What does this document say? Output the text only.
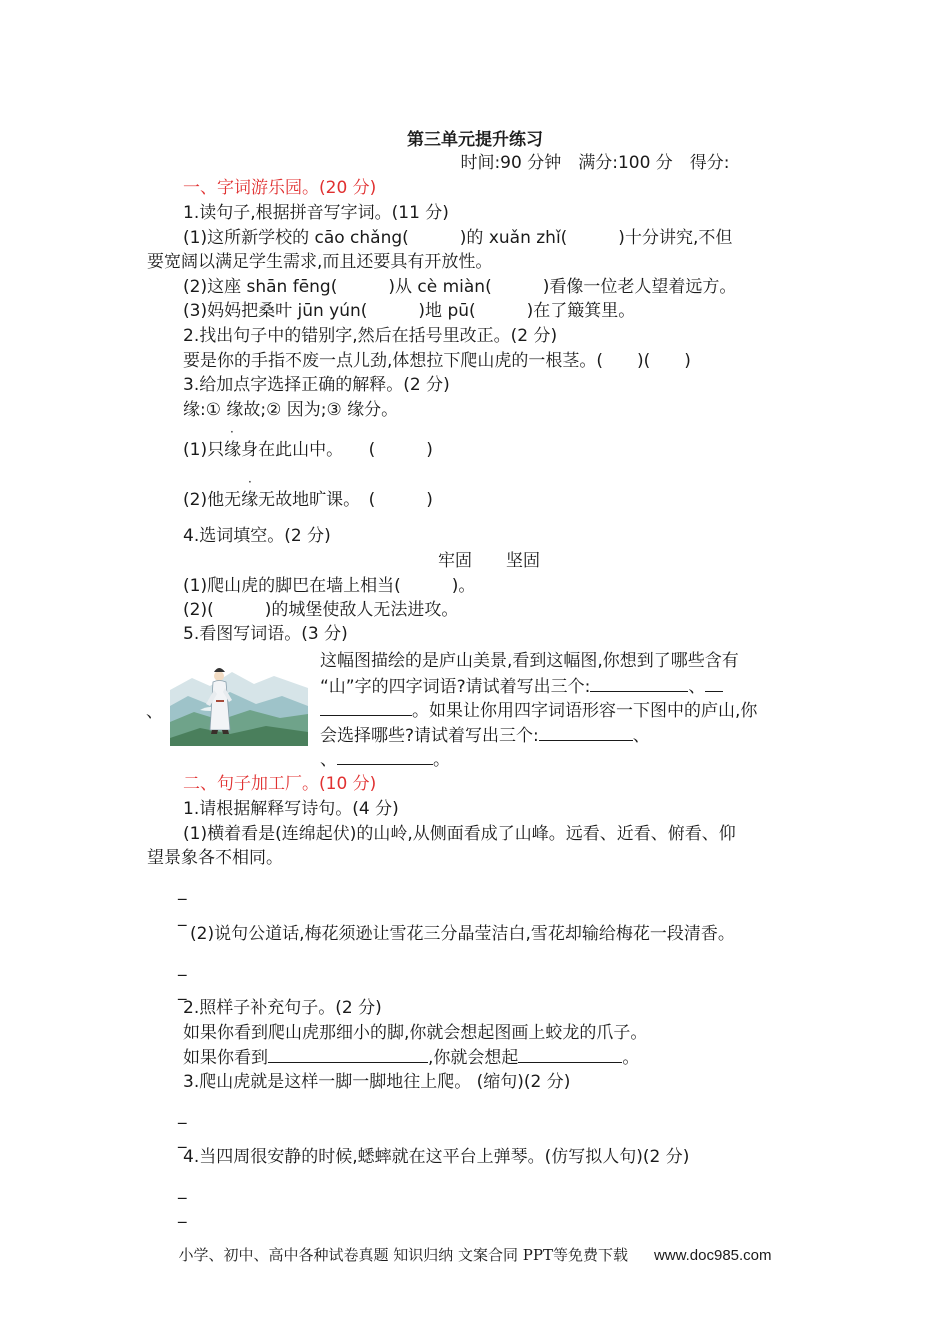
第三单元提升练习
时间:90 分钟　满分:100 分　得分:
一、字词游乐园。(20 分)
1.读句子,根据拼音写字词。(11 分)
(1)这所新学校的 cāo chǎng(　　　)的 xuǎn zhǐ(　　　)十分讲究,不但
要宽阔以满足学生需求,而且还要具有开放性。
(2)这座 shān fēng(　　　)从 cè miàn(　　　)看像一位老人望着远方。
(3)妈妈把桑叶 jūn yún(　　　)地 pū(　　　)在了簸箕里。
2.找出句子中的错别字,然后在括号里改正。(2 分)
要是你的手指不废一点儿劲,体想拉下爬山虎的一根茎。(　　)(　　)
3.给加点字选择正确的解释。(2 分)
缘:① 缘故;② 因为;③ 缘分。
·
(1)只缘身在此山中。　　(　　　)
·
(2)他无缘无故地旷课。　(　　　)
4.选词填空。(2 分)
牢固　　坚固
(1)爬山虎的脚巴在墙上相当(　　　)。
(2)(　　　)的城堡使敌人无法进攻。
5.看图写词语。(3 分)
、
这幅图描绘的是庐山美景,看到这幅图,你想到了哪些含有
“山”字的四字词语?请试着写出三个:	、
。如果让你用四字词语形容一下图中的庐山,你
会选择哪些?请试着写出三个:	、
、	。
二、句子加工厂。(10 分)
1.请根据解释写诗句。(4 分)
(1)横着看是(连绵起伏)的山岭,从侧面看成了山峰。远看、近看、俯看、仰
望景象各不相同。
_
_
(2)说句公道话,梅花须逊让雪花三分晶莹洁白,雪花却输给梅花一段清香。
_
_
2.照样子补充句子。(2 分)
如果你看到爬山虎那细小的脚,你就会想起图画上蛟龙的爪子。
如果你看到	,你就会想起	。
3.爬山虎就是这样一脚一脚地往上爬。 (缩句)(2 分)
_
_
4.当四周很安静的时候,蟋蟀就在这平台上弹琴。(仿写拟人句)(2 分)
_
_
小学、初中、高中各种试卷真题 知识归纳 文案合同 PPT等免费下载 www.doc985.com
